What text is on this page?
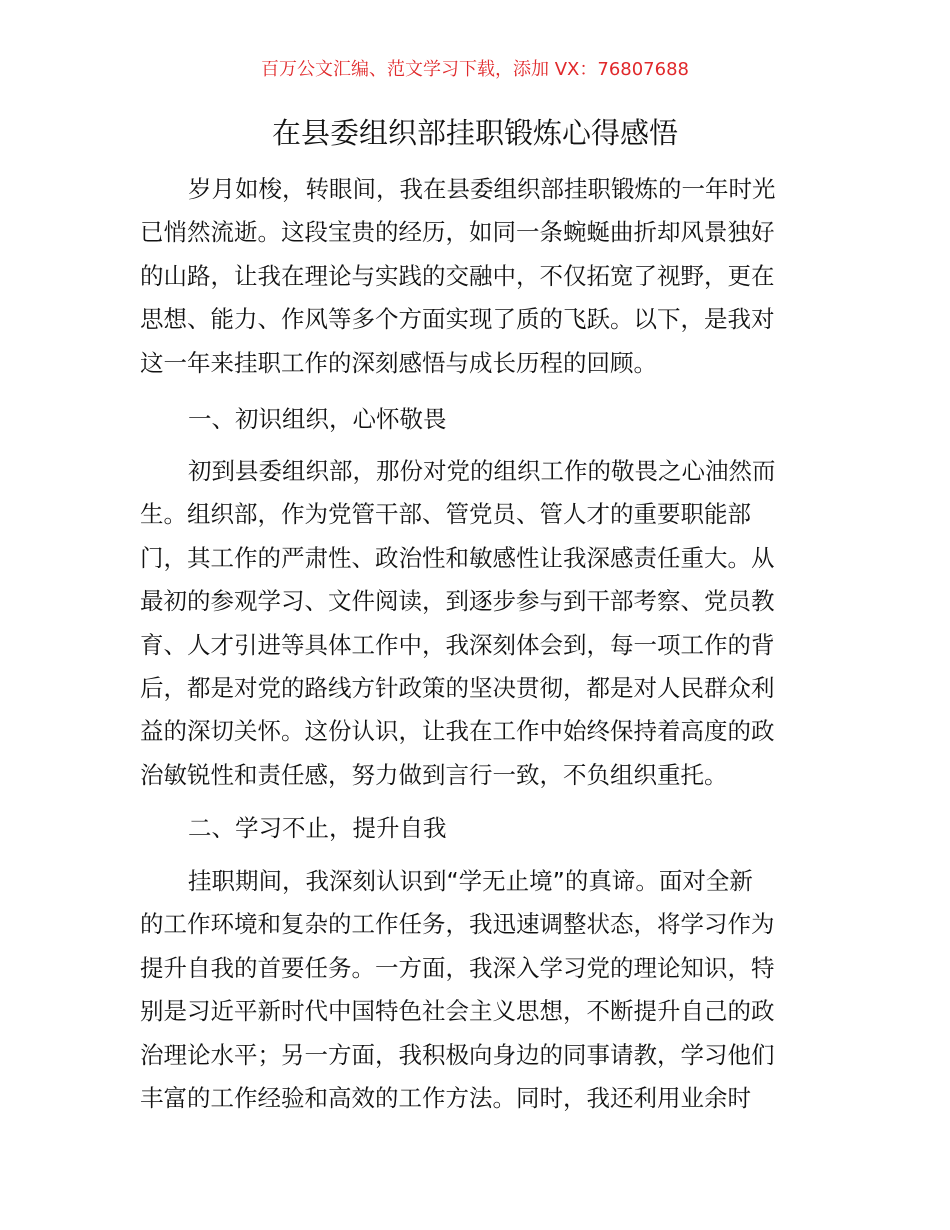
百万公文汇编、范文学习下载，添加 VX：76807688
在县委组织部挂职锻炼心得感悟
岁月如梭，转眼间，我在县委组织部挂职锻炼的一年时光
已悄然流逝。这段宝贵的经历，如同一条蜿蜒曲折却风景独好
的山路，让我在理论与实践的交融中，不仅拓宽了视野，更在
思想、能力、作风等多个方面实现了质的飞跃。以下，是我对
这一年来挂职工作的深刻感悟与成长历程的回顾。
一、初识组织，心怀敬畏
初到县委组织部，那份对党的组织工作的敬畏之心油然而
生。组织部，作为党管干部、管党员、管人才的重要职能部
门，其工作的严肃性、政治性和敏感性让我深感责任重大。从
最初的参观学习、文件阅读，到逐步参与到干部考察、党员教
育、人才引进等具体工作中，我深刻体会到，每一项工作的背
后，都是对党的路线方针政策的坚决贯彻，都是对人民群众利
益的深切关怀。这份认识，让我在工作中始终保持着高度的政
治敏锐性和责任感，努力做到言行一致，不负组织重托。
二、学习不止，提升自我
挂职期间，我深刻认识到“学无止境”的真谛。面对全新
的工作环境和复杂的工作任务，我迅速调整状态，将学习作为
提升自我的首要任务。一方面，我深入学习党的理论知识，特
别是习近平新时代中国特色社会主义思想，不断提升自己的政
治理论水平；另一方面，我积极向身边的同事请教，学习他们
丰富的工作经验和高效的工作方法。同时，我还利用业余时
